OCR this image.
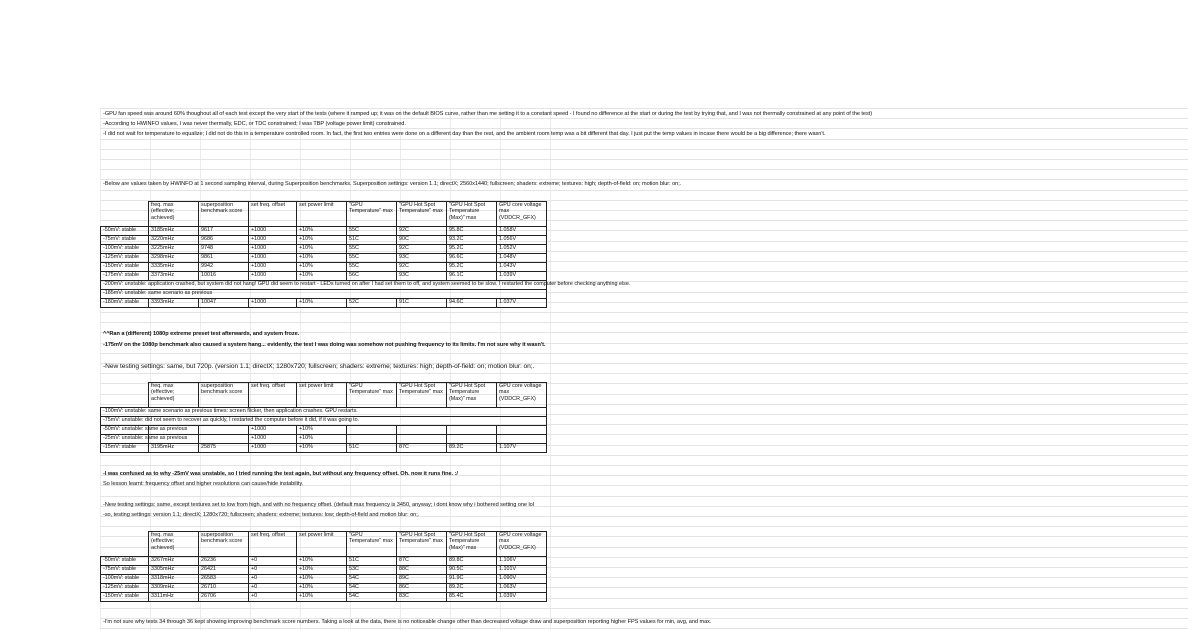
-GPU fan speed was around 60% thoughout all of each test except the very start of the tests (where it ramped up; it was on the default BIOS curve, rather than me setting it to a constant speed - I found no difference at the start or during the test by trying that, and I was not thermally constrained at any point of the test)
-According to HWINFO values, I was never thermally, EDC, or TDC constrained; I was TBP (voltage power limit) constrained.
-I did not wait for temperature to equalize; I did not do this in a temperature controlled room. In fact, the first two entries were done on a different day than the rest, and the ambient room temp was a bit different that day. I just put the temp values in incase there would be a big difference; there wasn't.
-Below are values taken by HWINFO at 1 second sampling interval, during Superposition benchmarks. Superposition settings: version 1.1; directX; 2560x1440; fullscreen; shaders: extreme; textures: high; depth-of-field: on; motion blur: on;.
	freq. max (effective; achieved)	superposition benchmark score	set freq. offset	set power limit	"GPU Temperature" max	"GPU Hot Spot Temperature" max	"GPU Hot Spot Temperature (Max)" max	GPU core voltage max (VDDCR_GFX)
-50mV: stable	3185mHz	9617	+1000	+10%	55C	92C	95.8C	1.058V
-75mV: stable	3220mHz	9686	+1000	+10%	51C	90C	93.2C	1.056V
-100mV: stable	3225mHz	9748	+1000	+10%	55C	92C	95.2C	1.052V
-125mV: stable	3298mHz	9861	+1000	+10%	55C	93C	96.6C	1.048V
-150mV: stable	3335mHz	9942	+1000	+10%	55C	92C	95.2C	1.043V
-175mV: stable	3373mHz	10016	+1000	+10%	56C	93C	96.1C	1.039V
-200mV: unstable: application crashed, but system did not hang! GPU did seem to restart - LEDs turned on after I had set them to off, and system seemed to be slow. I restarted the computer before checking anything else.								
-185mV: unstable: same scenario as previous								
-180mV: stable	3393mHz	10047	+1000	+10%	52C	91C	94.6C	1.037V
^^Ran a (different) 1080p extreme preset test afterwards, and system froze.
-175mV on the 1080p benchmark also caused a system hang... evidently, the test I was doing was somehow not pushing frequency to its limits. I'm not sure why it wasn't.
-New testing settings: same, but 720p. (version 1.1; directX; 1280x720; fullscreen; shaders: extreme; textures: high; depth-of-field: on; motion blur: on;.
	freq. max (effective; achieved)	superposition benchmark score	set freq. offset	set power limit	"GPU Temperature" max	"GPU Hot Spot Temperature" max	"GPU Hot Spot Temperature (Max)" max	GPU core voltage max (VDDCR_GFX)
-100mV: unstable: same scenario as previous times: screen flicker, then application crashes. GPU restarts.								
-75mV: unstable: did not seem to recover as quickly, I restarted the computer before it did, if it was going to.								
-50mV: unstable: same as previous			+1000	+10%				
-25mV: unstable: same as previous			+1000	+10%				
-15mV: stable	3195mHz	25875	+1000	+10%	51C	87C	89.2C	1.107V
-I was confused as to why -25mV was unstable, so I tried running the test again, but without any frequency offset. Oh. now it runs fine. :/
So lesson learnt: frequency offset and higher resolutions can cause/hide instability.
-New testing settings: same, except textures set to low from high, and with no frequency offset. (default max frequency is 3450, anyway; i dont know why i bothered setting one lol
-so, testing settings: version 1.1; directX; 1280x720; fullscreen; shaders: extreme; textures: low; depth-of-field and motion blur: on;.
	freq. max (effective; achieved)	superposition benchmark score	set freq. offset	set power limit	"GPU Temperature" max	"GPU Hot Spot Temperature" max	"GPU Hot Spot Temperature (Max)" max	GPU core voltage max (VDDCR_GFX)
-50mV: stable	3267mHz	26236	+0	+10%	51C	87C	89.8C	1.106V
-75mV: stable	3305mHz	26421	+0	+10%	53C	88C	90.5C	1.101V
-100mV: stable	3318mHz	26583	+0	+10%	54C	89C	91.9C	1.090V
-125mV: stable	3309mHz	26710	+0	+10%	54C	86C	89.2C	1.063V
-150mV: stable	3311mHz	26706	+0	+10%	54C	83C	85.4C	1.039V
-I'm not sure why tests 34 through 36 kept showing improving benchmark score numbers. Taking a look at the data, there is no noticeable change other than decreased voltage draw and superposition reporting higher FPS values for min, avg, and max.
